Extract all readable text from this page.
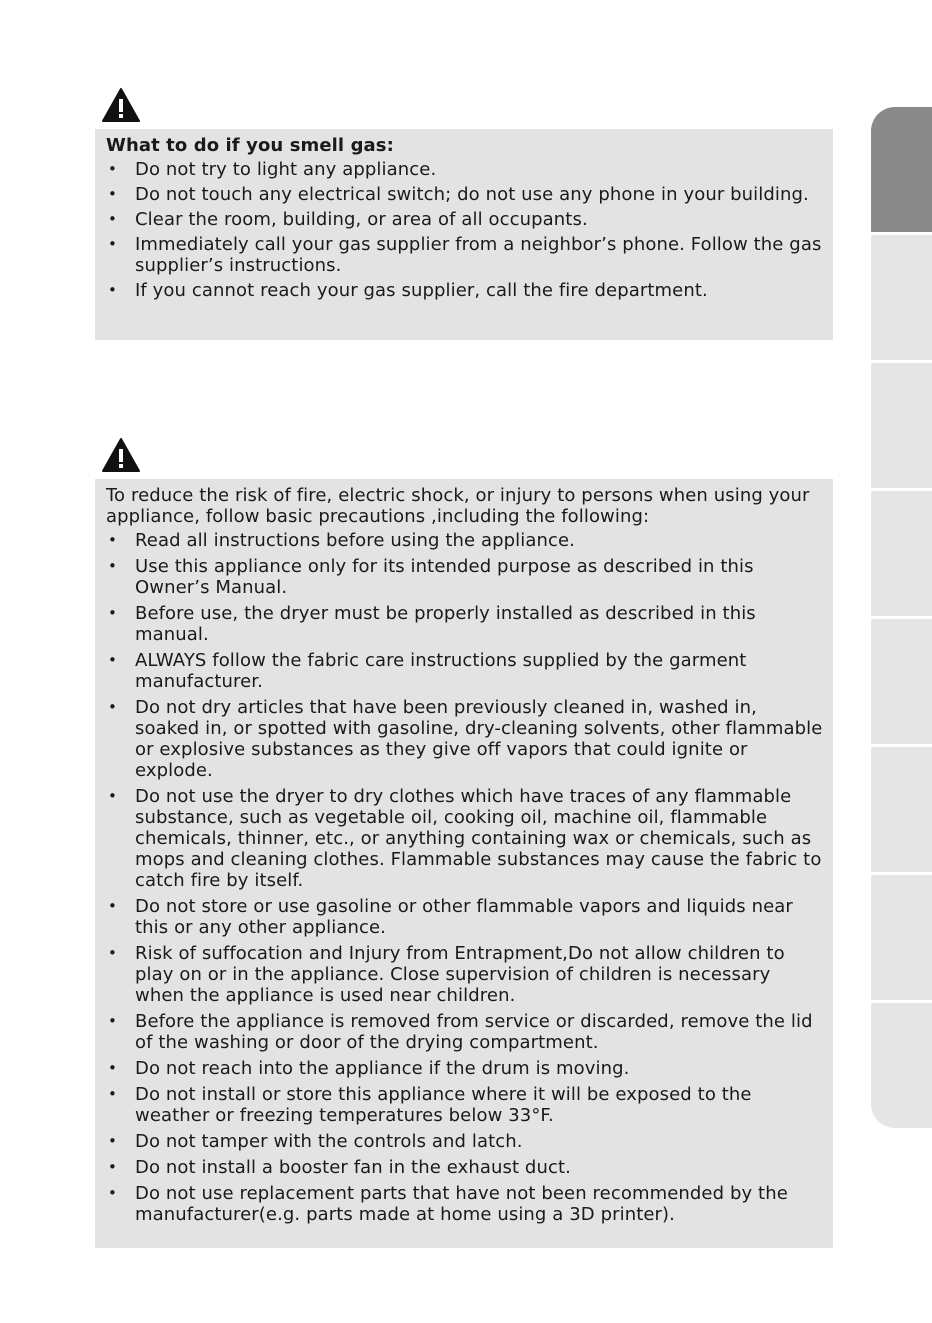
What to do if you smell gas:
• Do not try to light any appliance.
• Do not touch any electrical switch; do not use any phone in your building.
• Clear the room, building, or area of all occupants.
• Immediately call your gas supplier from a neighbor’s phone. Follow the gas supplier’s instructions.
• If you cannot reach your gas supplier, call the fire department.
To reduce the risk of fire, electric shock, or injury to persons when using your appliance, follow basic precautions ,including the following:
• Read all instructions before using the appliance.
• Use this appliance only for its intended purpose as described in this Owner’s Manual.
• Before use, the dryer must be properly installed as described in this manual.
• ALWAYS follow the fabric care instructions supplied by the garment manufacturer.
• Do not dry articles that have been previously cleaned in, washed in, soaked in, or spotted with gasoline, dry-cleaning solvents, other flammable or explosive substances as they give off vapors that could ignite or explode.
• Do not use the dryer to dry clothes which have traces of any flammable substance, such as vegetable oil, cooking oil, machine oil, flammable chemicals, thinner, etc., or anything containing wax or chemicals, such as mops and cleaning clothes. Flammable substances may cause the fabric to catch fire by itself.
• Do not store or use gasoline or other flammable vapors and liquids near this or any other appliance.
• Risk of suffocation and Injury from Entrapment,Do not allow children to play on or in the appliance. Close supervision of children is necessary when the appliance is used near children.
• Before the appliance is removed from service or discarded, remove the lid of the washing or door of the drying compartment.
• Do not reach into the appliance if the drum is moving.
• Do not install or store this appliance where it will be exposed to the weather or freezing temperatures below 33°F.
• Do not tamper with the controls and latch.
• Do not install a booster fan in the exhaust duct.
• Do not use replacement parts that have not been recommended by the manufacturer(e.g. parts made at home using a 3D printer).
